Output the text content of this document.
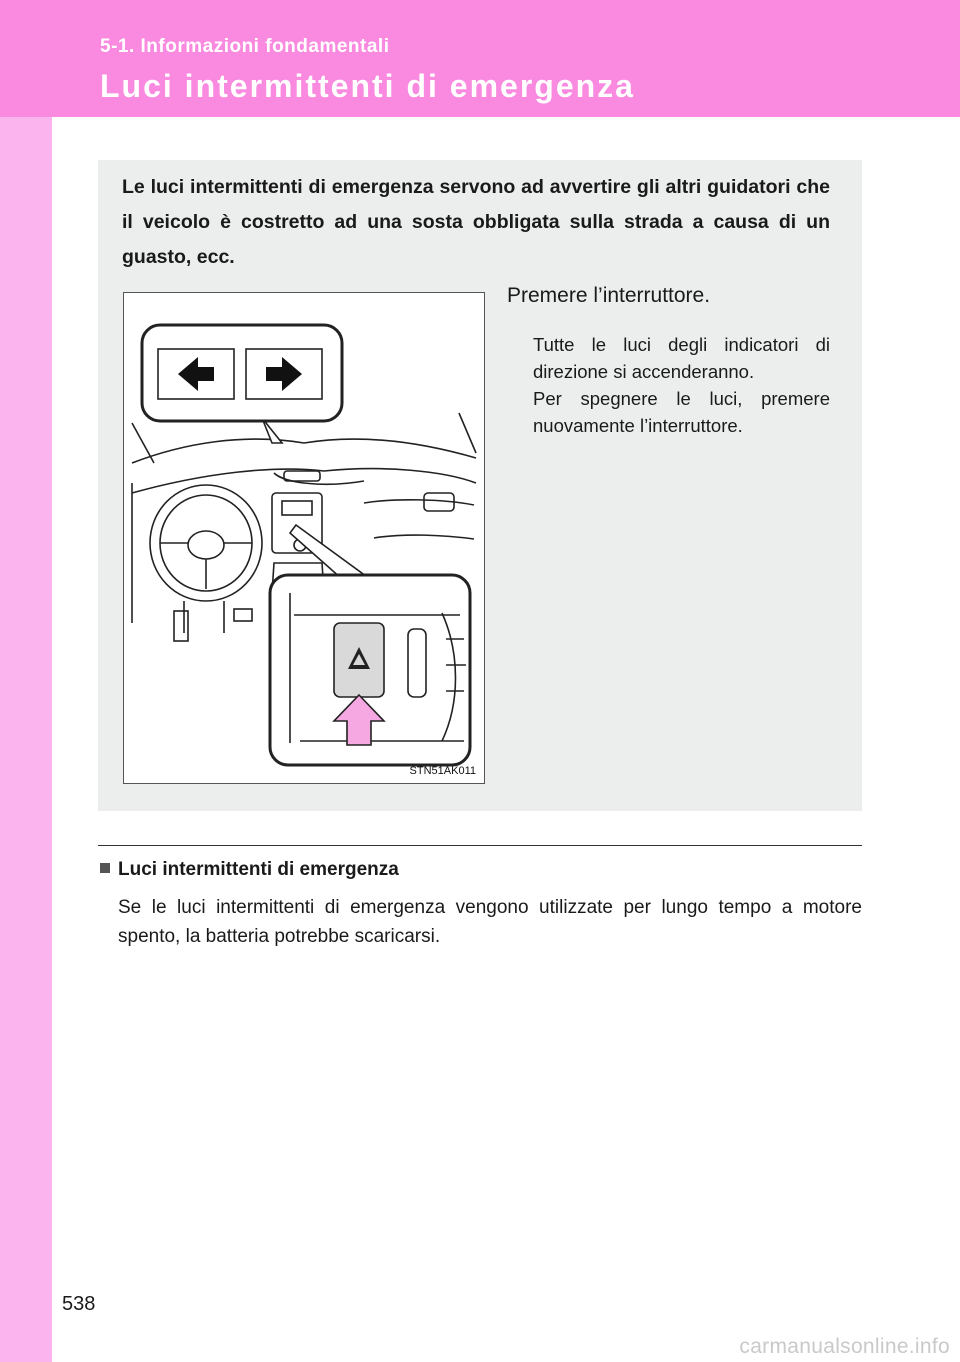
5-1. Informazioni fondamentali
Luci intermittenti di emergenza
Le luci intermittenti di emergenza servono ad avvertire gli altri guidatori che il veicolo è costretto ad una sosta obbligata sulla strada a causa di un guasto, ecc.
STN51AK011
Premere l’interruttore.

Tutte le luci degli indicatori di direzione si accenderanno.

Per spegnere le luci, premere nuovamente l’interruttore.

Luci intermittenti di emergenza
Se le luci intermittenti di emergenza vengono utilizzate per lungo tempo a motore spento, la batteria potrebbe scaricarsi.
538
carmanualsonline.info
